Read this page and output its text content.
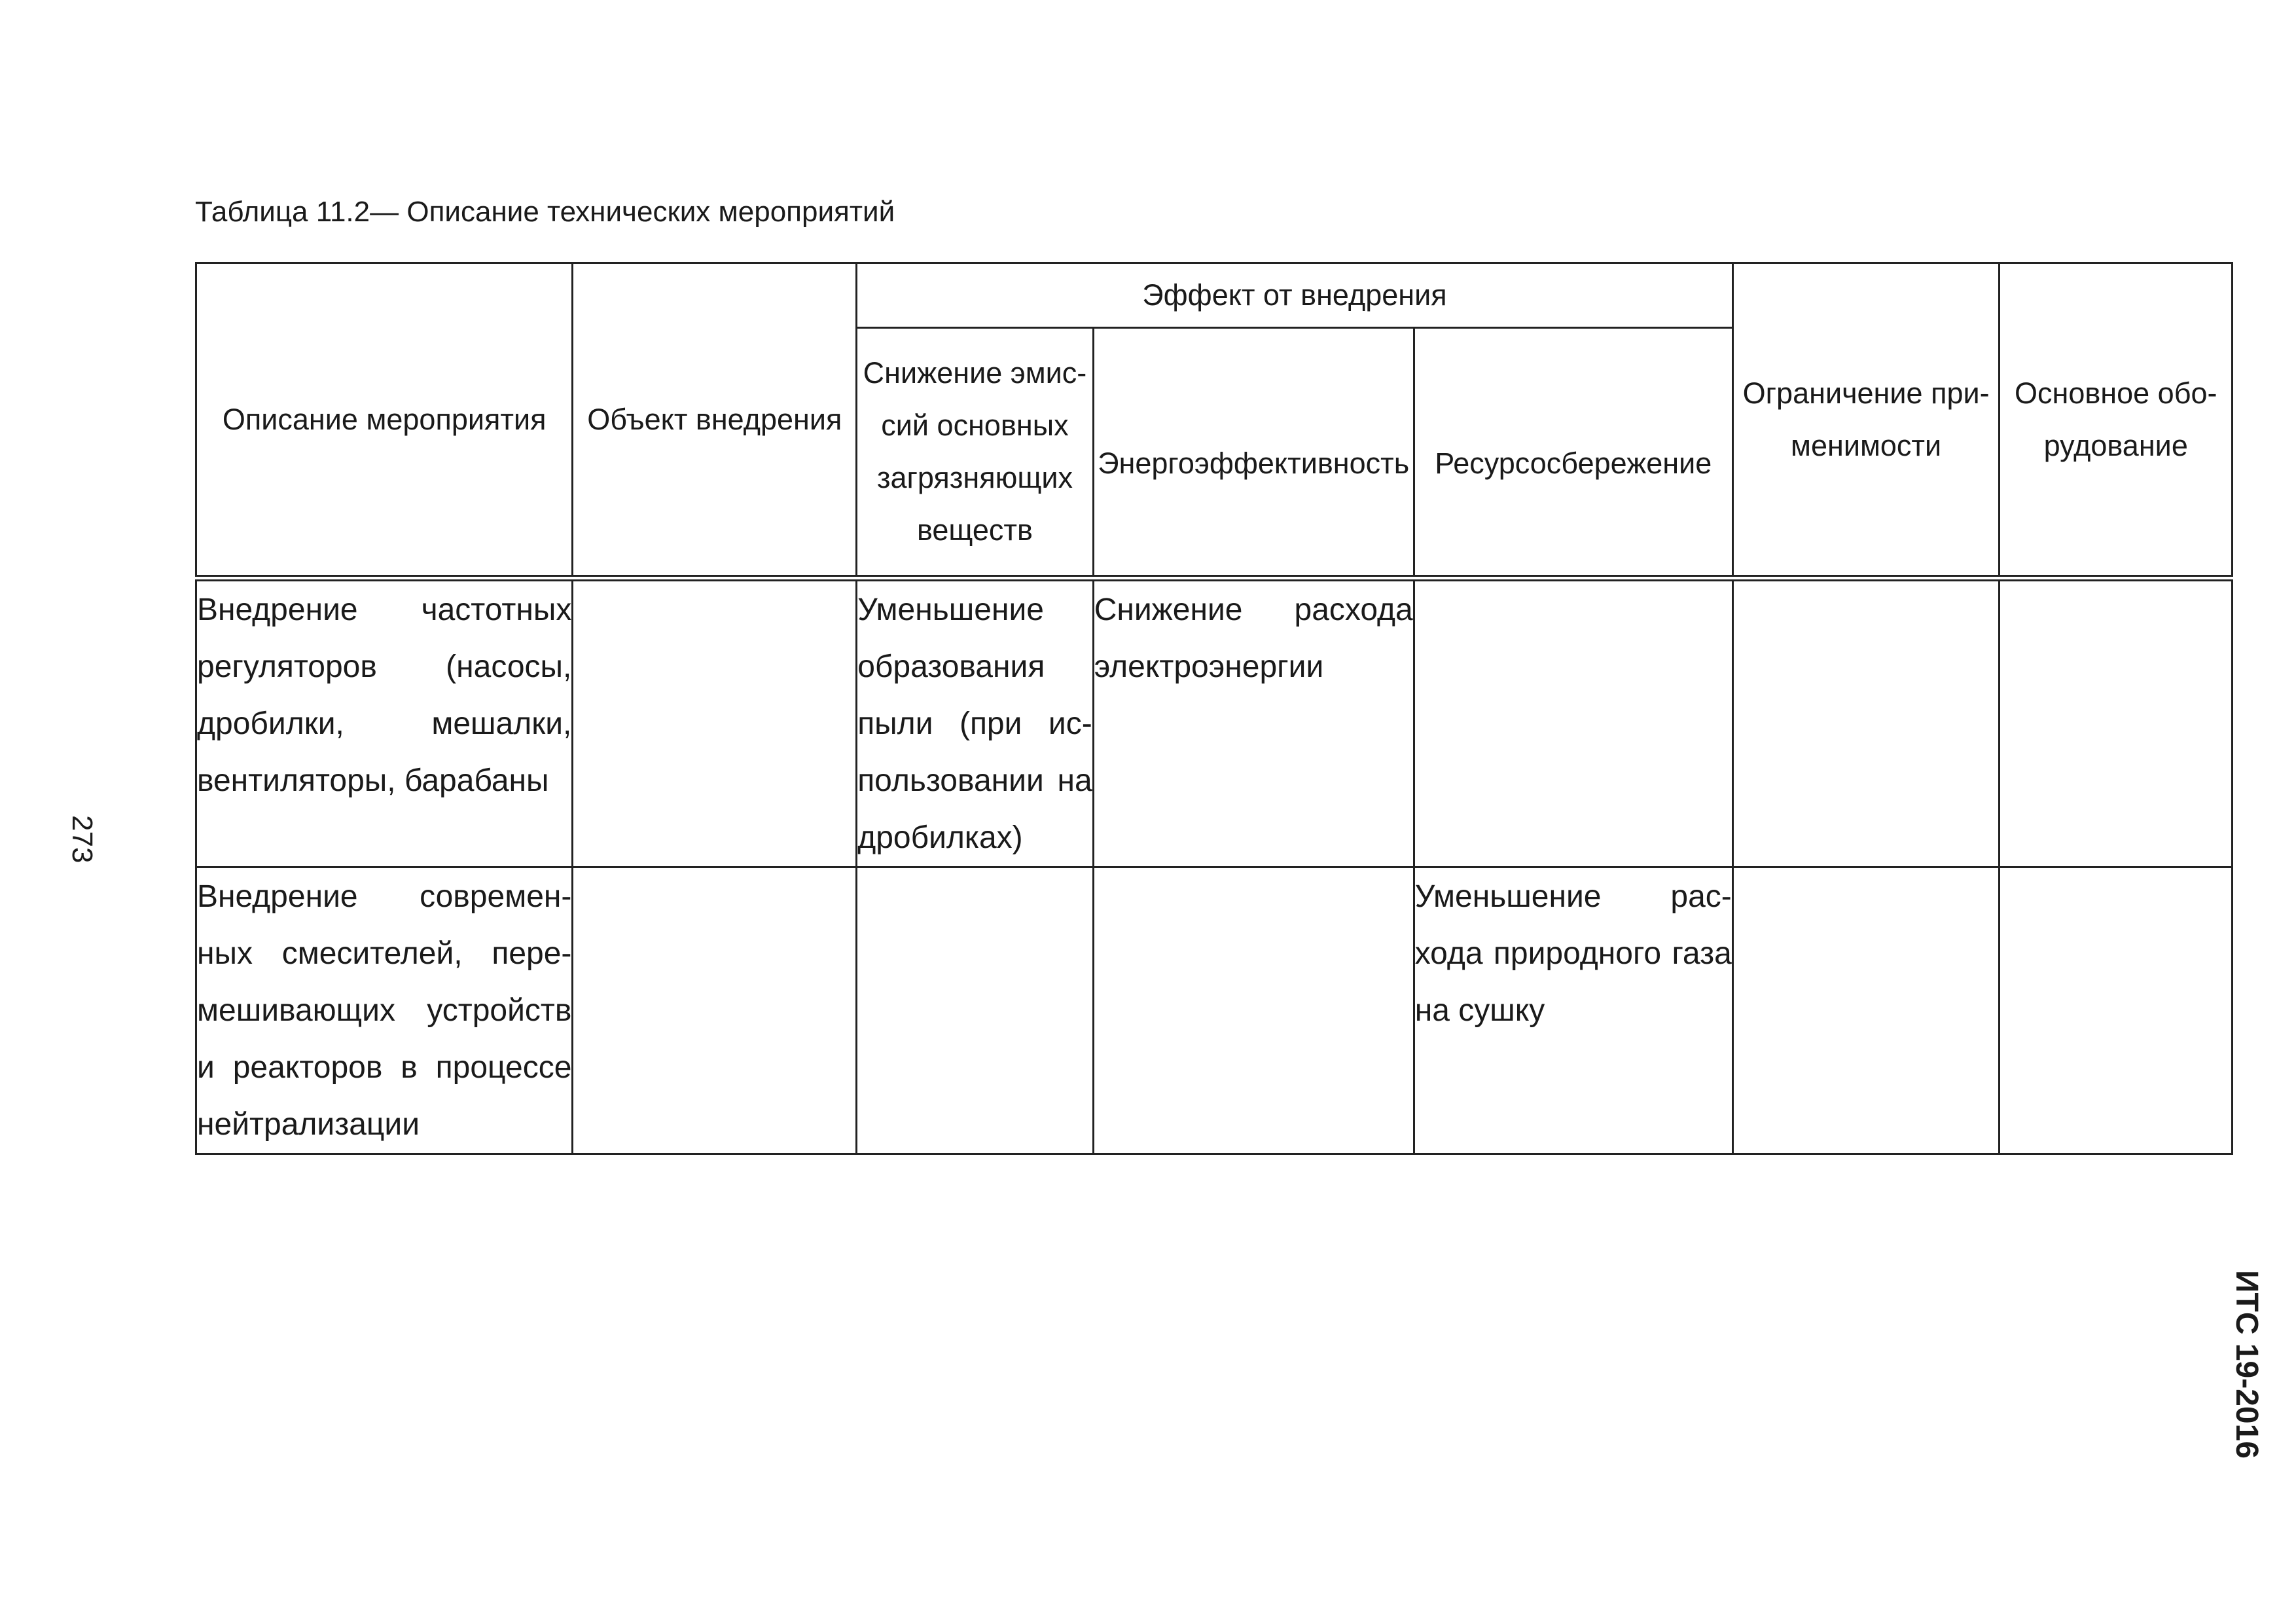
Таблица 11.2— Описание технических мероприятий
Описание мероприятия	Объект внедрения	Эффект от внедрения			Ограничение при-менимости	Основное обо-рудование
		Снижение эмис-сий основных загрязняющих веществ	Энергоэффективность	Ресурсосбережение		
Внедрение частотных регуляторов (насосы, дробилки, мешалки, вентиляторы, барабаны		Уменьшение образования пыли (при ис-пользовании на дробилках)	Снижение расхода электроэнергии			
Внедрение современ-ных смесителей, пере-мешивающих устройств и реакторов в процессе нейтрализации				Уменьшение рас-хода природного газа на сушку		
273
ИТС 19-2016
